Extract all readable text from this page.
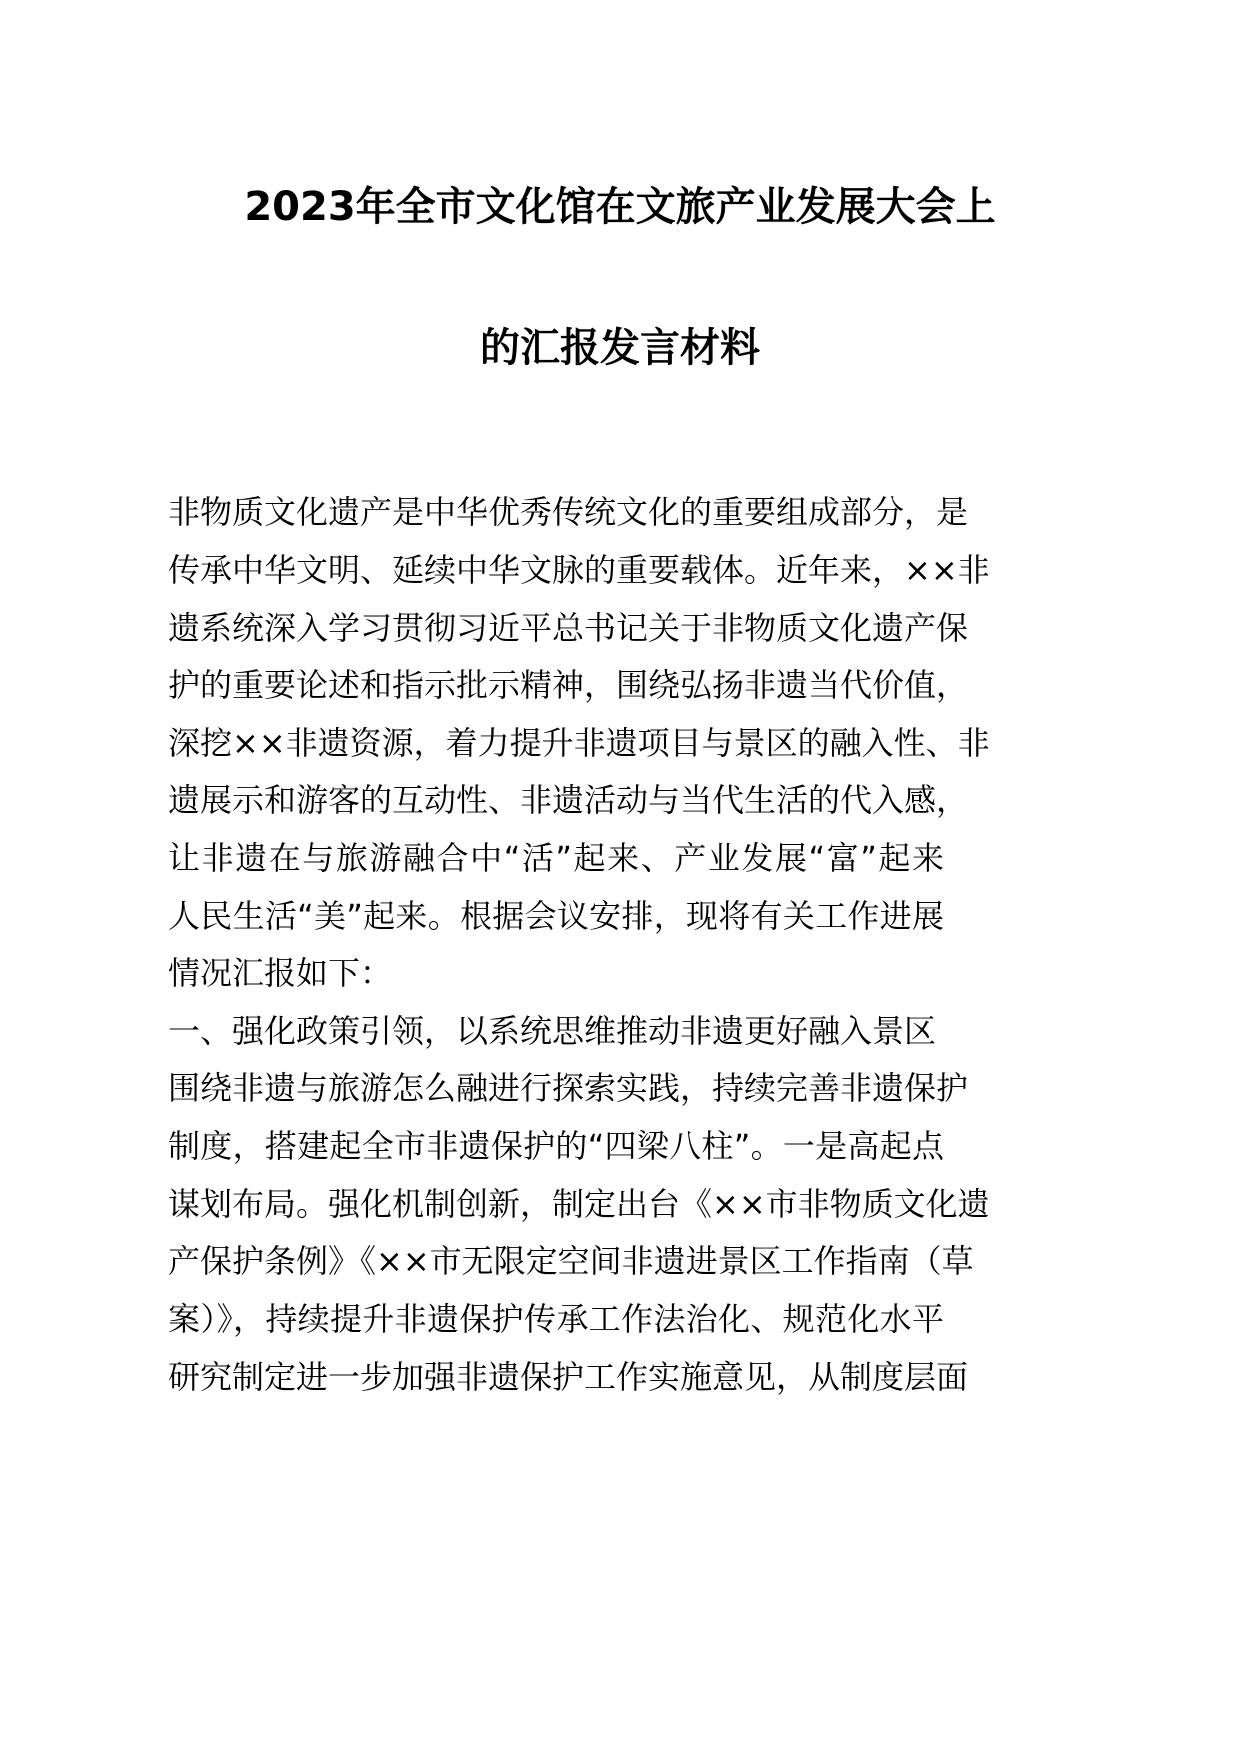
2023年全市文化馆在文旅产业发展大会上
的汇报发言材料
非物质文化遗产是中华优秀传统文化的重要组成部分，是
传承中华文明、延续中华文脉的重要载体。近年来，××非
遗系统深入学习贯彻习近平总书记关于非物质文化遗产保
护的重要论述和指示批示精神，围绕弘扬非遗当代价值，
深挖××非遗资源，着力提升非遗项目与景区的融入性、非
遗展示和游客的互动性、非遗活动与当代生活的代入感，
让非遗在与旅游融合中“活”起来、产业发展“富”起来
人民生活“美”起来。根据会议安排，现将有关工作进展
情况汇报如下：
一、强化政策引领，以系统思维推动非遗更好融入景区
围绕非遗与旅游怎么融进行探索实践，持续完善非遗保护
制度，搭建起全市非遗保护的“四梁八柱”。一是高起点
谋划布局。强化机制创新，制定出台《××市非物质文化遗
产保护条例》《××市无限定空间非遗进景区工作指南（草
案）》，持续提升非遗保护传承工作法治化、规范化水平
研究制定进一步加强非遗保护工作实施意见，从制度层面
